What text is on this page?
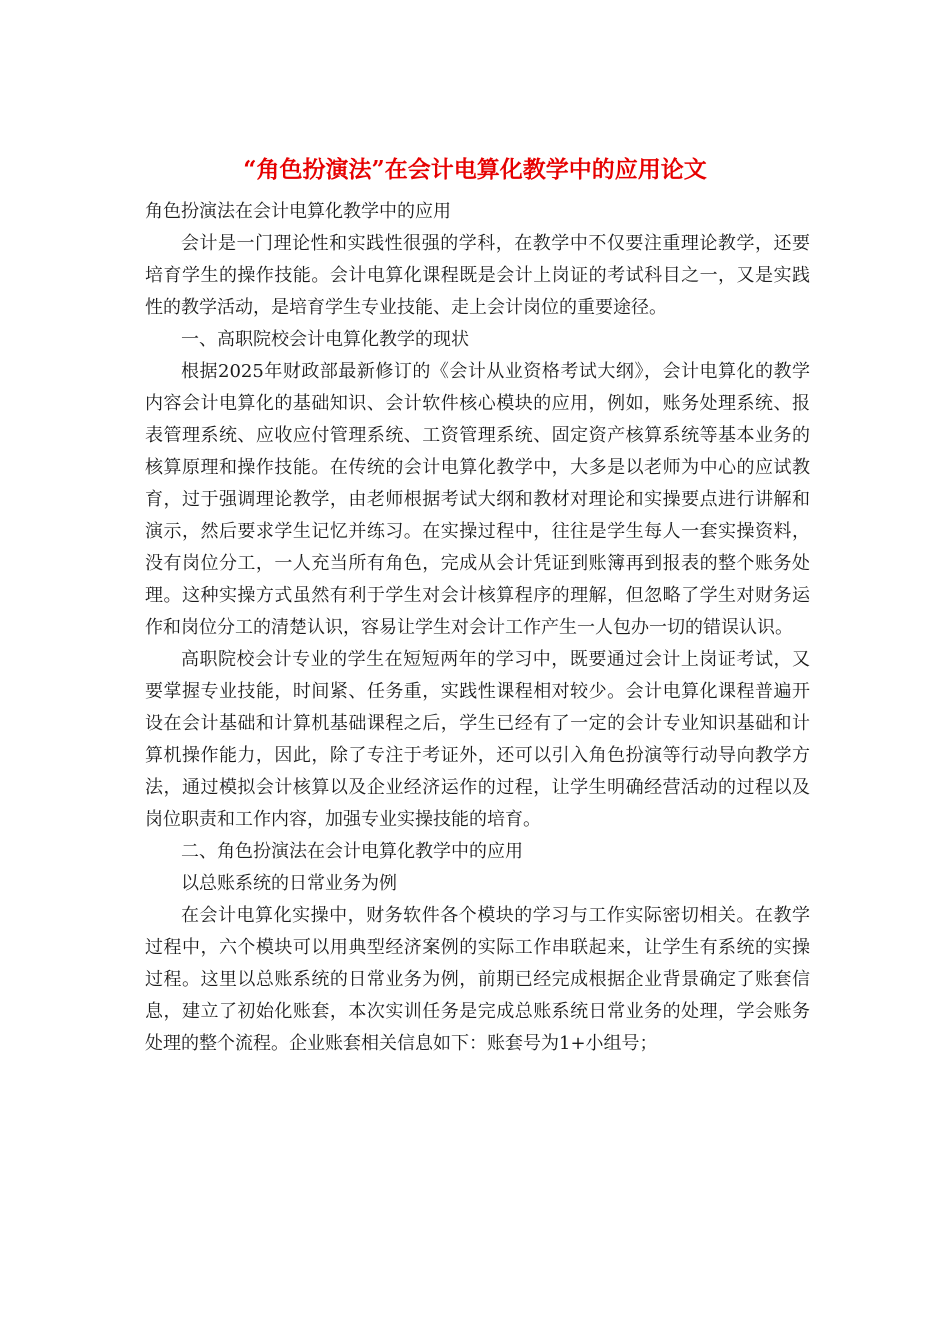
“角色扮演法”在会计电算化教学中的应用论文

角色扮演法在会计电算化教学中的应用

会计是一门理论性和实践性很强的学科，在教学中不仅要注重理论教学，还要培育学生的操作技能。会计电算化课程既是会计上岗证的考试科目之一，又是实践性的教学活动，是培育学生专业技能、走上会计岗位的重要途径。

一、高职院校会计电算化教学的现状

根据2025年财政部最新修订的《会计从业资格考试大纲》，会计电算化的教学内容会计电算化的基础知识、会计软件核心模块的应用，例如，账务处理系统、报表管理系统、应收应付管理系统、工资管理系统、固定资产核算系统等基本业务的核算原理和操作技能。在传统的会计电算化教学中，大多是以老师为中心的应试教育，过于强调理论教学，由老师根据考试大纲和教材对理论和实操要点进行讲解和演示，然后要求学生记忆并练习。在实操过程中，往往是学生每人一套实操资料，没有岗位分工，一人充当所有角色，完成从会计凭证到账簿再到报表的整个账务处理。这种实操方式虽然有利于学生对会计核算程序的理解，但忽略了学生对财务运作和岗位分工的清楚认识，容易让学生对会计工作产生一人包办一切的错误认识。

高职院校会计专业的学生在短短两年的学习中，既要通过会计上岗证考试，又要掌握专业技能，时间紧、任务重，实践性课程相对较少。会计电算化课程普遍开设在会计基础和计算机基础课程之后，学生已经有了一定的会计专业知识基础和计算机操作能力，因此，除了专注于考证外，还可以引入角色扮演等行动导向教学方法，通过模拟会计核算以及企业经济运作的过程，让学生明确经营活动的过程以及岗位职责和工作内容，加强专业实操技能的培育。

二、角色扮演法在会计电算化教学中的应用

以总账系统的日常业务为例

在会计电算化实操中，财务软件各个模块的学习与工作实际密切相关。在教学过程中，六个模块可以用典型经济案例的实际工作串联起来，让学生有系统的实操过程。这里以总账系统的日常业务为例，前期已经完成根据企业背景确定了账套信息，建立了初始化账套，本次实训任务是完成总账系统日常业务的处理，学会账务处理的整个流程。企业账套相关信息如下：账套号为1+小组号；
